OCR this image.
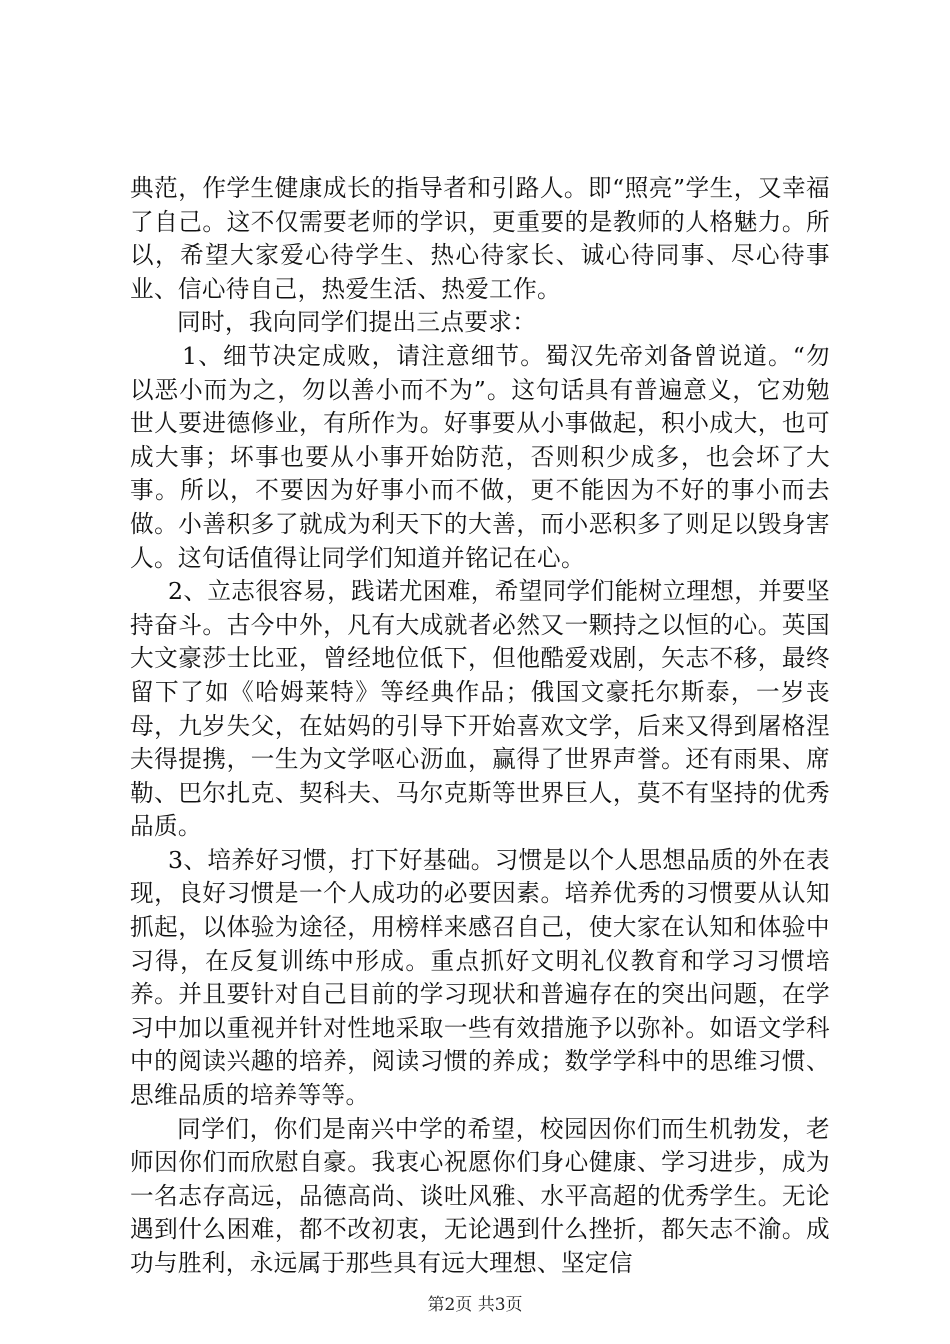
典范，作学生健康成长的指导者和引路人。即“照亮”学生，又幸福了自己。这不仅需要老师的学识，更重要的是教师的人格魅力。所以，希望大家爱心待学生、热心待家长、诚心待同事、尽心待事业、信心待自己，热爱生活、热爱工作。

同时，我向同学们提出三点要求：

1、细节决定成败，请注意细节。蜀汉先帝刘备曾说道。“勿以恶小而为之，勿以善小而不为”。这句话具有普遍意义，它劝勉世人要进德修业，有所作为。好事要从小事做起，积小成大，也可成大事；坏事也要从小事开始防范，否则积少成多，也会坏了大事。所以，不要因为好事小而不做，更不能因为不好的事小而去做。小善积多了就成为利天下的大善，而小恶积多了则足以毁身害人。这句话值得让同学们知道并铭记在心。

2、立志很容易，践诺尤困难，希望同学们能树立理想，并要坚持奋斗。古今中外，凡有大成就者必然又一颗持之以恒的心。英国大文豪莎士比亚，曾经地位低下，但他酷爱戏剧，矢志不移，最终留下了如《哈姆莱特》等经典作品；俄国文豪托尔斯泰，一岁丧母，九岁失父，在姑妈的引导下开始喜欢文学，后来又得到屠格涅夫得提携，一生为文学呕心沥血，赢得了世界声誉。还有雨果、席勒、巴尔扎克、契科夫、马尔克斯等世界巨人，莫不有坚持的优秀品质。

3、培养好习惯，打下好基础。习惯是以个人思想品质的外在表现，良好习惯是一个人成功的必要因素。培养优秀的习惯要从认知抓起，以体验为途径，用榜样来感召自己，使大家在认知和体验中习得，在反复训练中形成。重点抓好文明礼仪教育和学习习惯培养。并且要针对自己目前的学习现状和普遍存在的突出问题，在学习中加以重视并针对性地采取一些有效措施予以弥补。如语文学科中的阅读兴趣的培养，阅读习惯的养成；数学学科中的思维习惯、思维品质的培养等等。

同学们，你们是南兴中学的希望，校园因你们而生机勃发，老师因你们而欣慰自豪。我衷心祝愿你们身心健康、学习进步，成为一名志存高远，品德高尚、谈吐风雅、水平高超的优秀学生。无论遇到什么困难，都不改初衷，无论遇到什么挫折，都矢志不渝。成功与胜利，永远属于那些具有远大理想、坚定信

第2页 共3页
